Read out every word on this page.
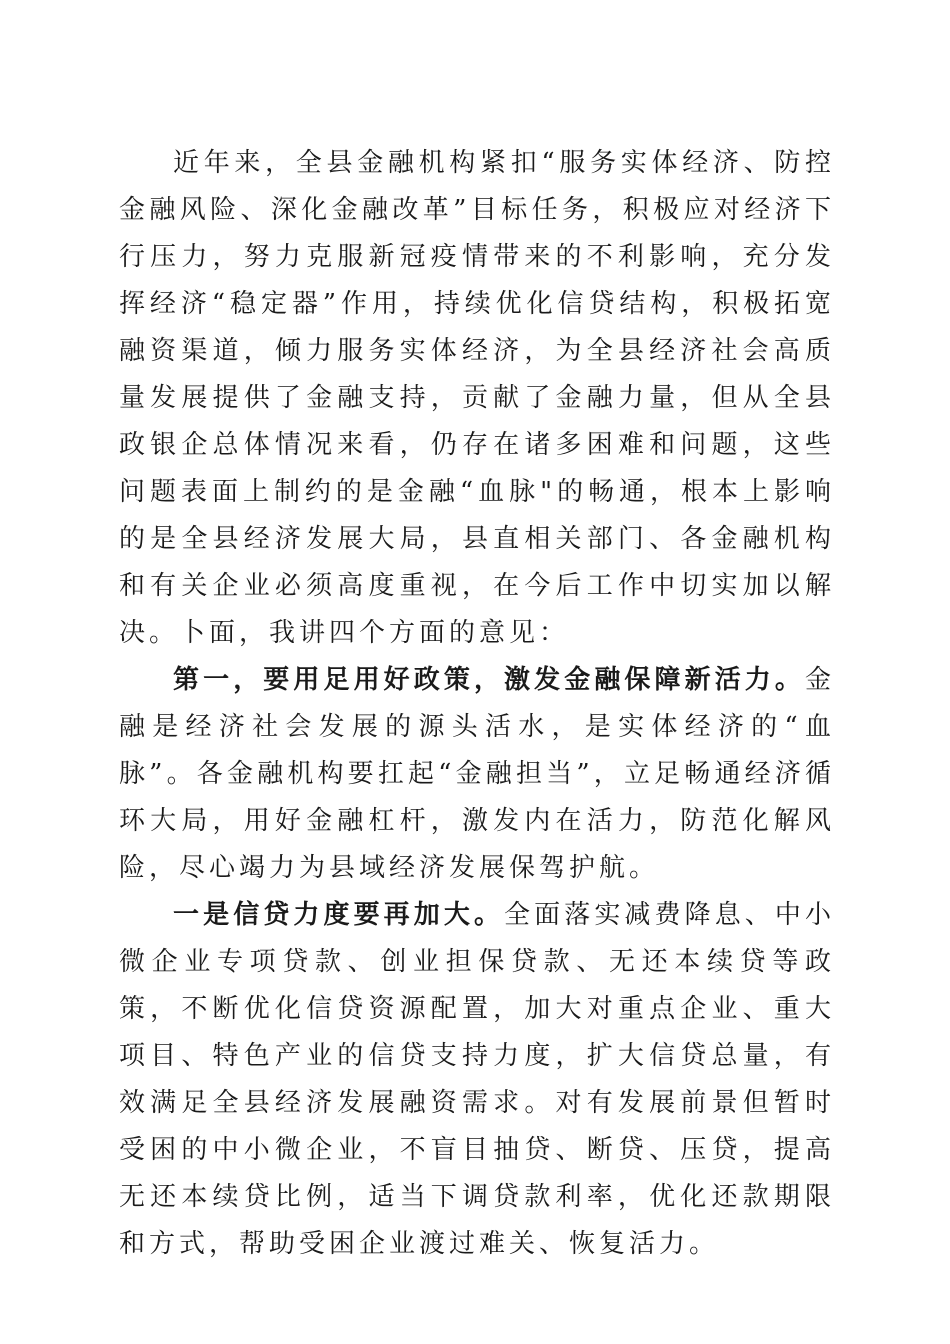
近年来，全县金融机构紧扣“服务实体经济、防控金融风险、深化金融改革”目标任务，积极应对经济下行压力，努力克服新冠疫情带来的不利影响，充分发挥经济“稳定器”作用，持续优化信贷结构，积极拓宽融资渠道，倾力服务实体经济，为全县经济社会高质量发展提供了金融支持，贡献了金融力量，但从全县政银企总体情况来看，仍存在诸多困难和问题，这些问题表面上制约的是金融“血脉"的畅通，根本上影响的是全县经济发展大局，县直相关部门、各金融机构和有关企业必须高度重视，在今后工作中切实加以解决。卜面，我讲四个方面的意见：

第一，要用足用好政策，激发金融保障新活力。金融是经济社会发展的源头活水，是实体经济的“血脉”。各金融机构要扛起“金融担当”，立足畅通经济循环大局，用好金融杠杆，激发内在活力，防范化解风险，尽心竭力为县域经济发展保驾护航。

一是信贷力度要再加大。全面落实减费降息、中小微企业专项贷款、创业担保贷款、无还本续贷等政策，不断优化信贷资源配置，加大对重点企业、重大项目、特色产业的信贷支持力度，扩大信贷总量，有效满足全县经济发展融资需求。对有发展前景但暂时受困的中小微企业，不盲目抽贷、断贷、压贷，提高无还本续贷比例，适当下调贷款利率，优化还款期限和方式，帮助受困企业渡过难关、恢复活力。
